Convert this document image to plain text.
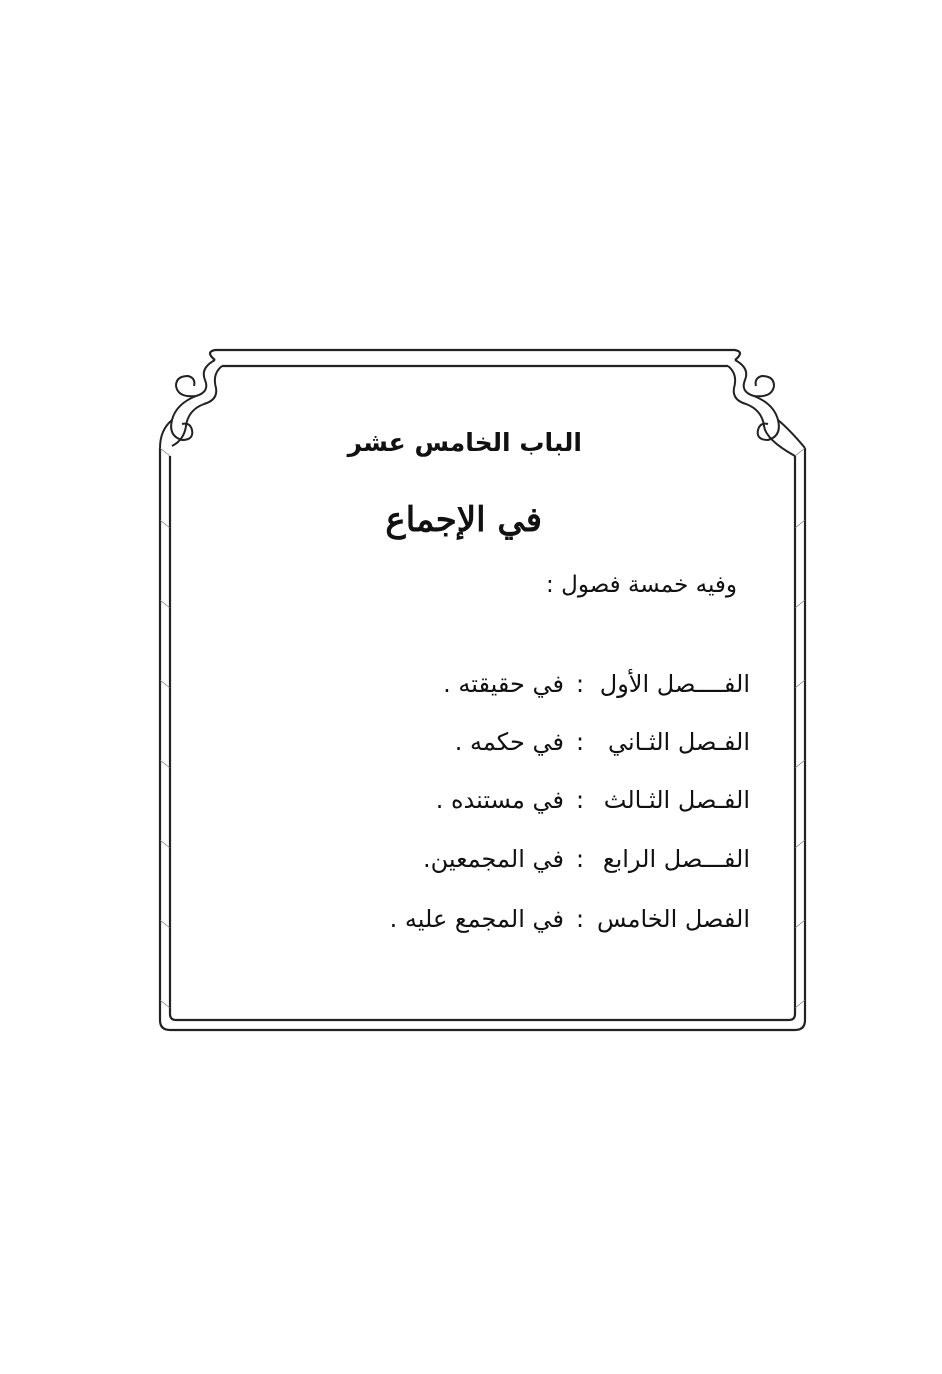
الباب الخامس عشر
في الإجماع
وفيه خمسة فصول :
الفــــصل الأول:في حقيقته .
الفـصل الثـاني:في حكمه .
الفـصل الثـالث:في مستنده .
الفـــصل الرابع:في المجمعين.
الفصل الخامس:في المجمع عليه .
